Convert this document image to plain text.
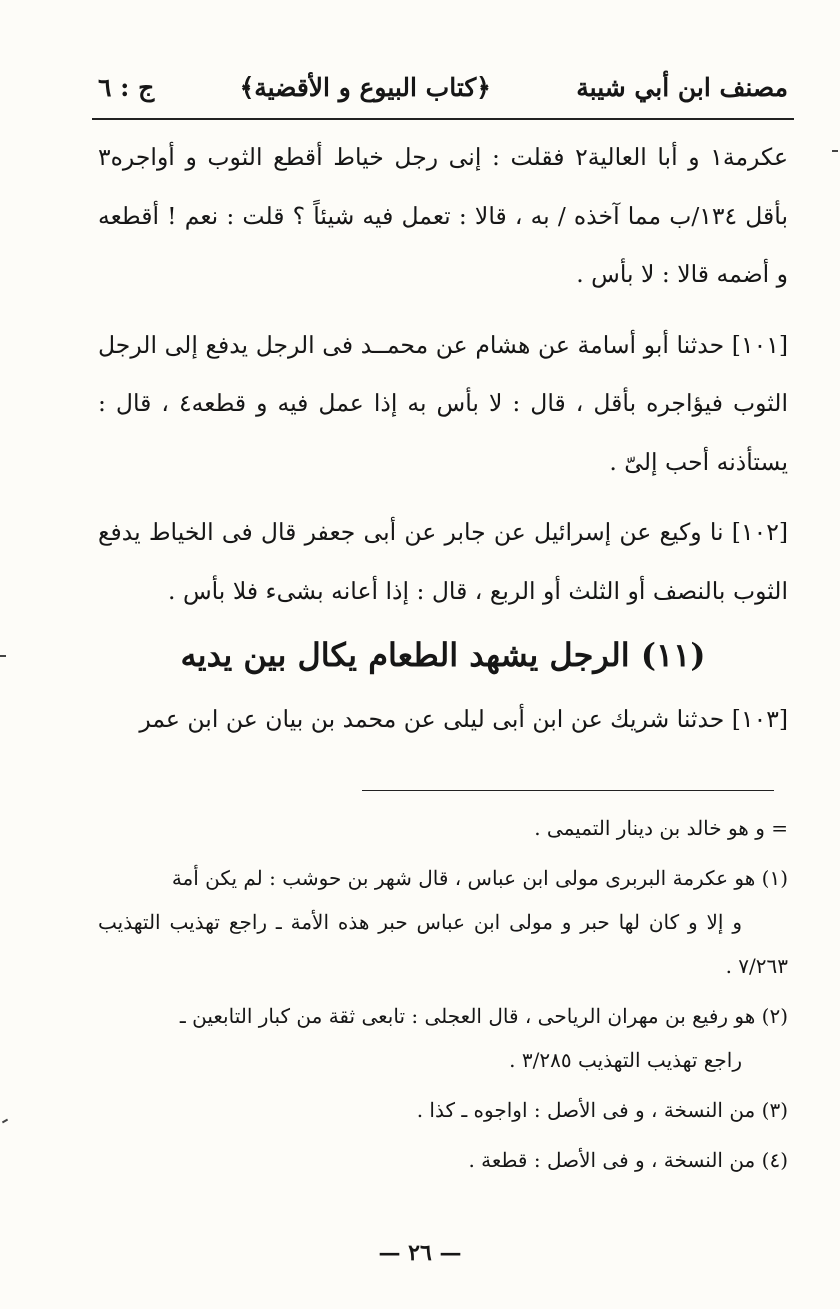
مصنف ابن أبي شيبة
﴿كتاب البيوع و الأقضية﴾
ج : ٦

عكرمة١ و أبا العالية٢ فقلت : إنى رجل خياط أقطع الثوب و أواجره٣ بأقل ١٣٤/ب مما آخذه / به ، قالا : تعمل فيه شيئاً ؟ قلت : نعم ! أقطعه و أضمه قالا : لا بأس .

[١٠١] حدثنا أبو أسامة عن هشام عن محمــد فى الرجل يدفع إلى الرجل الثوب فيؤاجره بأقل ، قال : لا بأس به إذا عمل فيه و قطعه٤ ، قال : يستأذنه أحب إلىّ .

[١٠٢] نا وكيع عن إسرائيل عن جابر عن أبى جعفر قال فى الخياط يدفع الثوب بالنصف أو الثلث أو الربع ، قال : إذا أعانه بشىء فلا بأس .

(١١) الرجل يشهد الطعام يكال بين يديه

[١٠٣] حدثنا شريك عن ابن أبى ليلى عن محمد بن بيان عن ابن عمر

= و هو خالد بن دينار التميمى .

(١) هو عكرمة البربرى مولى ابن عباس ، قال شهر بن حوشب : لم يكن أمة
و إلا و كان لها حبر و مولى ابن عباس حبر هذه الأمة ـ راجع تهذيب التهذيب ٧/٢٦٣ .

(٢) هو رفيع بن مهران الرياحى ، قال العجلى : تابعى ثقة من كبار التابعين ـ
راجع تهذيب التهذيب ٣/٢٨٥ .

(٣) من النسخة ، و فى الأصل : اواجوه ـ كذا .

(٤) من النسخة ، و فى الأصل : قطعة .

— ٢٦ —
